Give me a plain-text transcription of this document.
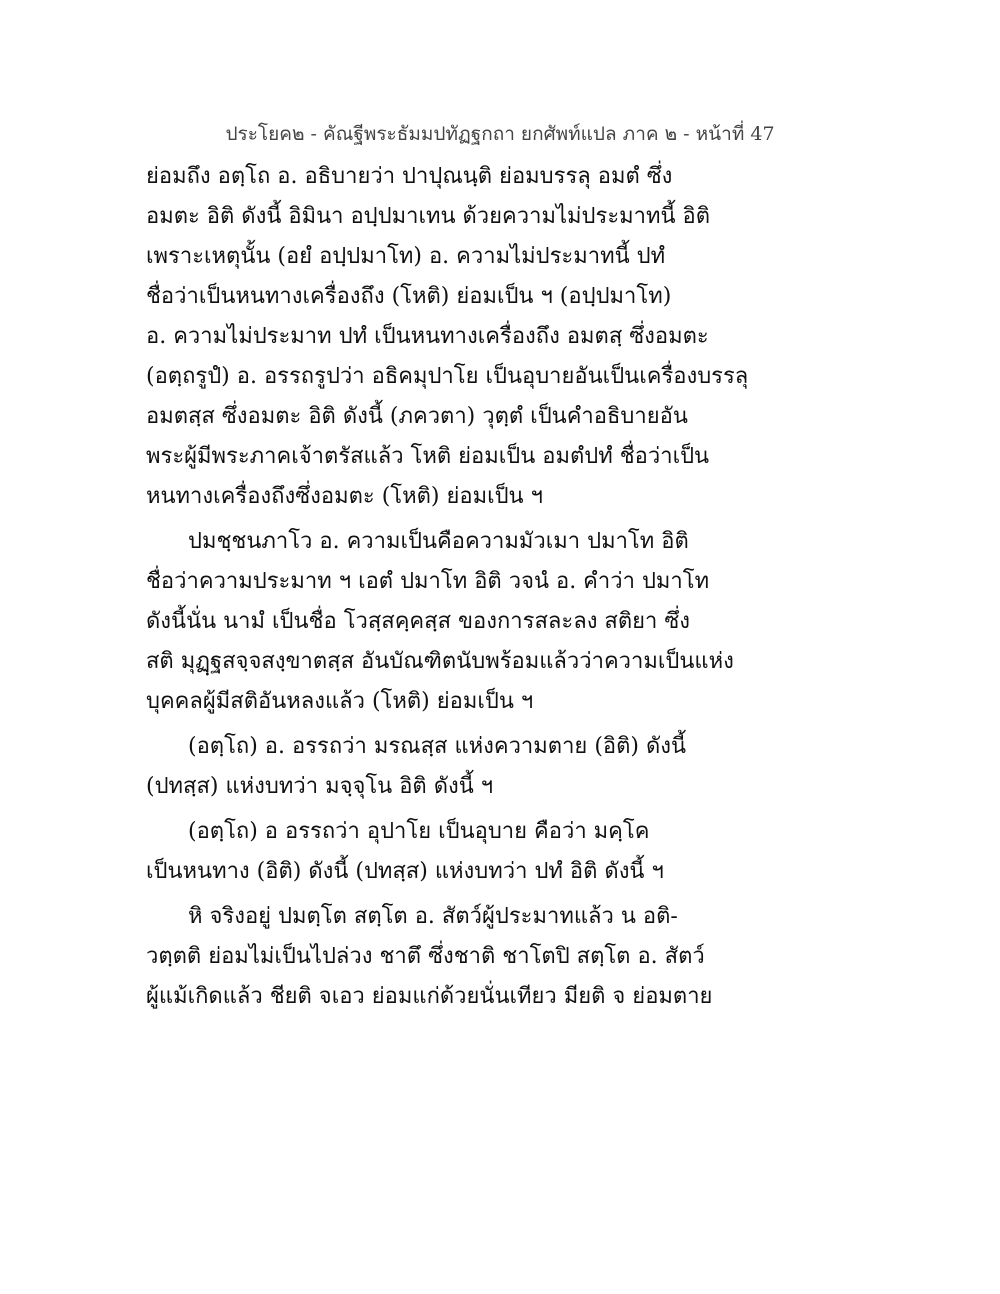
ประโยค๒ - คัณฐีพระธัมมปทัฏฐกถา ยกศัพท์แปล ภาค ๒ - หน้าที่ 47
ย่อมถึง อตฺโถ อ. อธิบายว่า ปาปุณนฺติ ย่อมบรรลุ อมตํ ซึ่ง
อมตะ อิติ ดังนี้ อิมินา อปฺปมาเทน ด้วยความไม่ประมาทนี้ อิติ
เพราะเหตุนั้น (อยํ อปฺปมาโท) อ. ความไม่ประมาทนี้ ปทํ
ชื่อว่าเป็นหนทางเครื่องถึง (โหติ) ย่อมเป็น ฯ (อปฺปมาโท)
อ. ความไม่ประมาท ปทํ เป็นหนทางเครื่องถึง อมตสฺ ซึ่งอมตะ
(อตฺถรูปํ) อ. อรรถรูปว่า อธิคมุปาโย เป็นอุบายอันเป็นเครื่องบรรลุ
อมตสฺส ซึ่งอมตะ อิติ ดังนี้ (ภควตา) วุตฺตํ เป็นคำอธิบายอัน
พระผู้มีพระภาคเจ้าตรัสแล้ว โหติ ย่อมเป็น อมตํปทํ ชื่อว่าเป็น
หนทางเครื่องถึงซึ่งอมตะ (โหติ) ย่อมเป็น ฯ
ปมชฺชนภาโว อ. ความเป็นคือความมัวเมา ปมาโท อิติ
ชื่อว่าความประมาท ฯ เอตํ ปมาโท อิติ วจนํ อ. คำว่า ปมาโท
ดังนี้นั่น นามํ เป็นชื่อ โวสฺสคฺคสฺส ของการสละลง สติยา ซึ่ง
สติ มุฏฺฐสจฺจสงฺขาตสฺส อันบัณฑิตนับพร้อมแล้วว่าความเป็นแห่ง
บุคคลผู้มีสติอันหลงแล้ว (โหติ) ย่อมเป็น ฯ
(อตฺโถ) อ. อรรถว่า มรณสฺส แห่งความตาย (อิติ) ดังนี้
(ปทสฺส) แห่งบทว่า มจฺจุโน อิติ ดังนี้ ฯ
(อตฺโถ) อ อรรถว่า อุปาโย เป็นอุบาย คือว่า มคฺโค
เป็นหนทาง (อิติ) ดังนี้ (ปทสฺส) แห่งบทว่า ปทํ อิติ ดังนี้ ฯ
หิ จริงอยู่ ปมตฺโต สตฺโต อ. สัตว์ผู้ประมาทแล้ว น อติ-
วตฺตติ ย่อมไม่เป็นไปล่วง ชาตึ ซึ่งชาติ ชาโตปิ สตฺโต อ. สัตว์
ผู้แม้เกิดแล้ว ชียติ จเอว ย่อมแก่ด้วยนั่นเทียว มียติ จ ย่อมตาย
